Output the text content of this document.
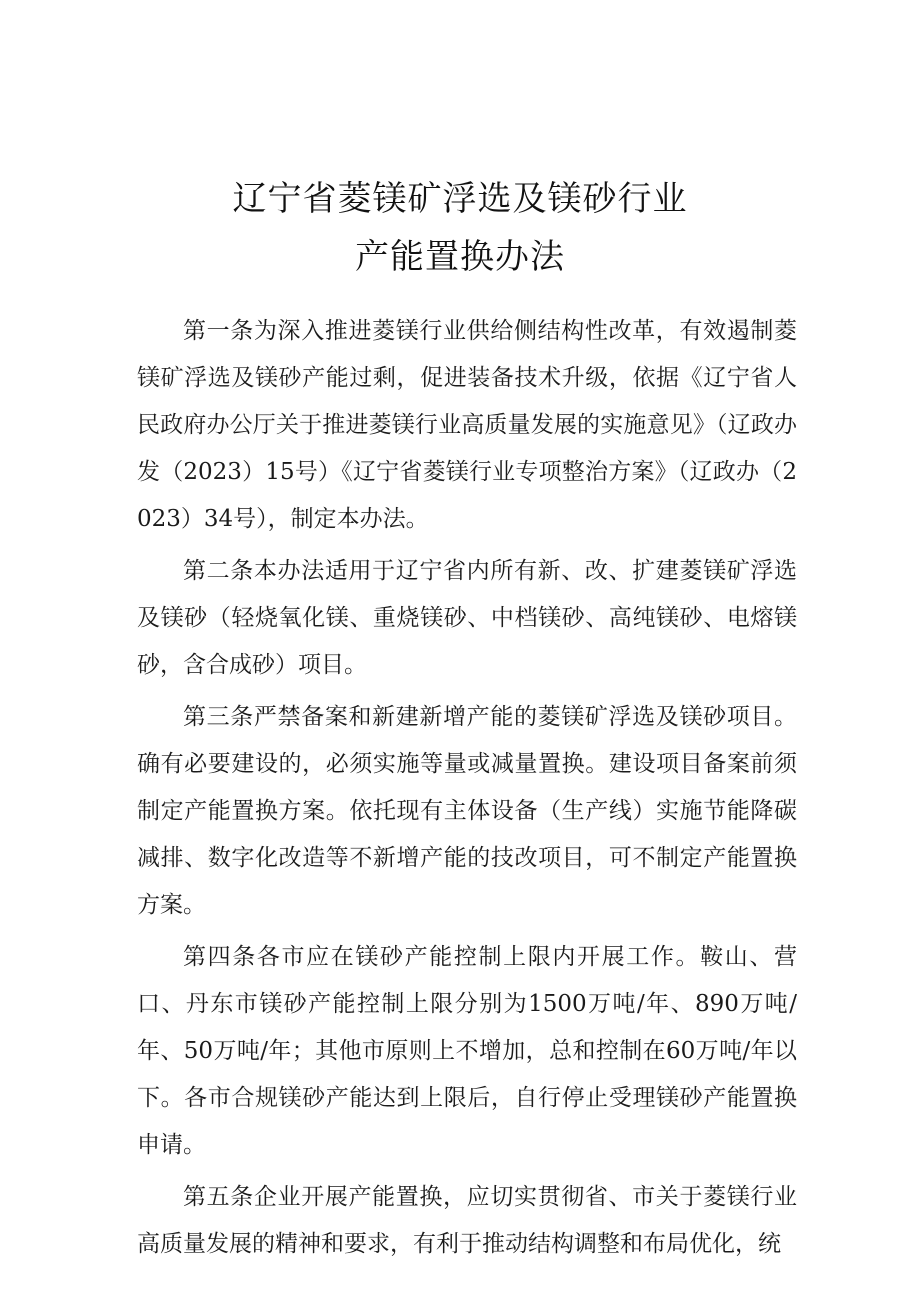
辽宁省菱镁矿浮选及镁砂行业
产能置换办法

第一条为深入推进菱镁行业供给侧结构性改革，有效遏制菱镁矿浮选及镁砂产能过剩，促进装备技术升级，依据《辽宁省人民政府办公厅关于推进菱镁行业高质量发展的实施意见》（辽政办发（2023）15号）《辽宁省菱镁行业专项整治方案》（辽政办（2023）34号），制定本办法。

第二条本办法适用于辽宁省内所有新、改、扩建菱镁矿浮选及镁砂（轻烧氧化镁、重烧镁砂、中档镁砂、高纯镁砂、电熔镁砂，含合成砂）项目。

第三条严禁备案和新建新增产能的菱镁矿浮选及镁砂项目。确有必要建设的，必须实施等量或减量置换。建设项目备案前须制定产能置换方案。依托现有主体设备（生产线）实施节能降碳减排、数字化改造等不新增产能的技改项目，可不制定产能置换方案。

第四条各市应在镁砂产能控制上限内开展工作。鞍山、营口、丹东市镁砂产能控制上限分别为1500万吨/年、890万吨/年、50万吨/年；其他市原则上不增加，总和控制在60万吨/年以下。各市合规镁砂产能达到上限后，自行停止受理镁砂产能置换申请。

第五条企业开展产能置换，应切实贯彻省、市关于菱镁行业高质量发展的精神和要求，有利于推动结构调整和布局优化，统
